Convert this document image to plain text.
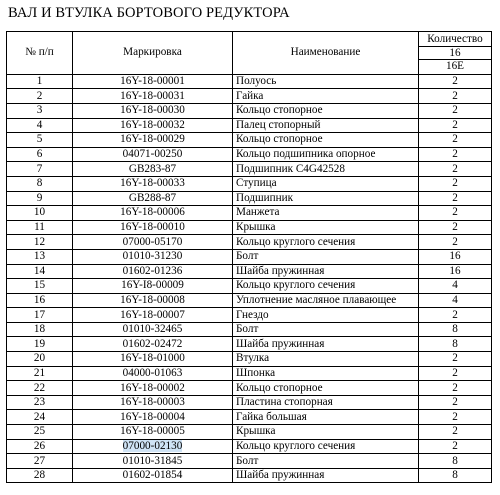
ВАЛ И ВТУЛКА БОРТОВОГО РЕДУКТОРА
№ п/п	Маркировка	Наименование	Количество
16
16E

1	16Y-18-00001	Полуось	2
2	16Y-18-00031	Гайка	2
3	16Y-18-00030	Кольцо стопорное	2
4	16Y-18-00032	Палец стопорный	2
5	16Y-18-00029	Кольцо стопорное	2
6	04071-00250	Кольцо подшипника опорное	2
7	GB283-87	Подшипник C4G42528	2
8	16Y-18-00033	Ступица	2
9	GB288-87	Подшипник	2
10	16Y-18-00006	Манжета	2
11	16Y-18-00010	Крышка	2
12	07000-05170	Кольцо круглого сечения	2
13	01010-31230	Болт	16
14	01602-01236	Шайба пружинная	16
15	16Y-I8-00009	Кольцо круглого сечения	4
16	16Y-18-00008	Уплотнение масляное плавающее	4
17	16Y-18-00007	Гнездо	2
18	01010-32465	Болт	8
19	01602-02472	Шайба пружинная	8
20	16Y-18-01000	Втулка	2
21	04000-01063	Шпонка	2
22	16Y-18-00002	Кольцо стопорное	2
23	16Y-18-00003	Пластина стопорная	2
24	16Y-18-00004	Гайка большая	2
25	16Y-18-00005	Крышка	2
26	07000-02130	Кольцо круглого сечения	2
27	01010-31845	Болт	8
28	01602-01854	Шайба пружинная	8
